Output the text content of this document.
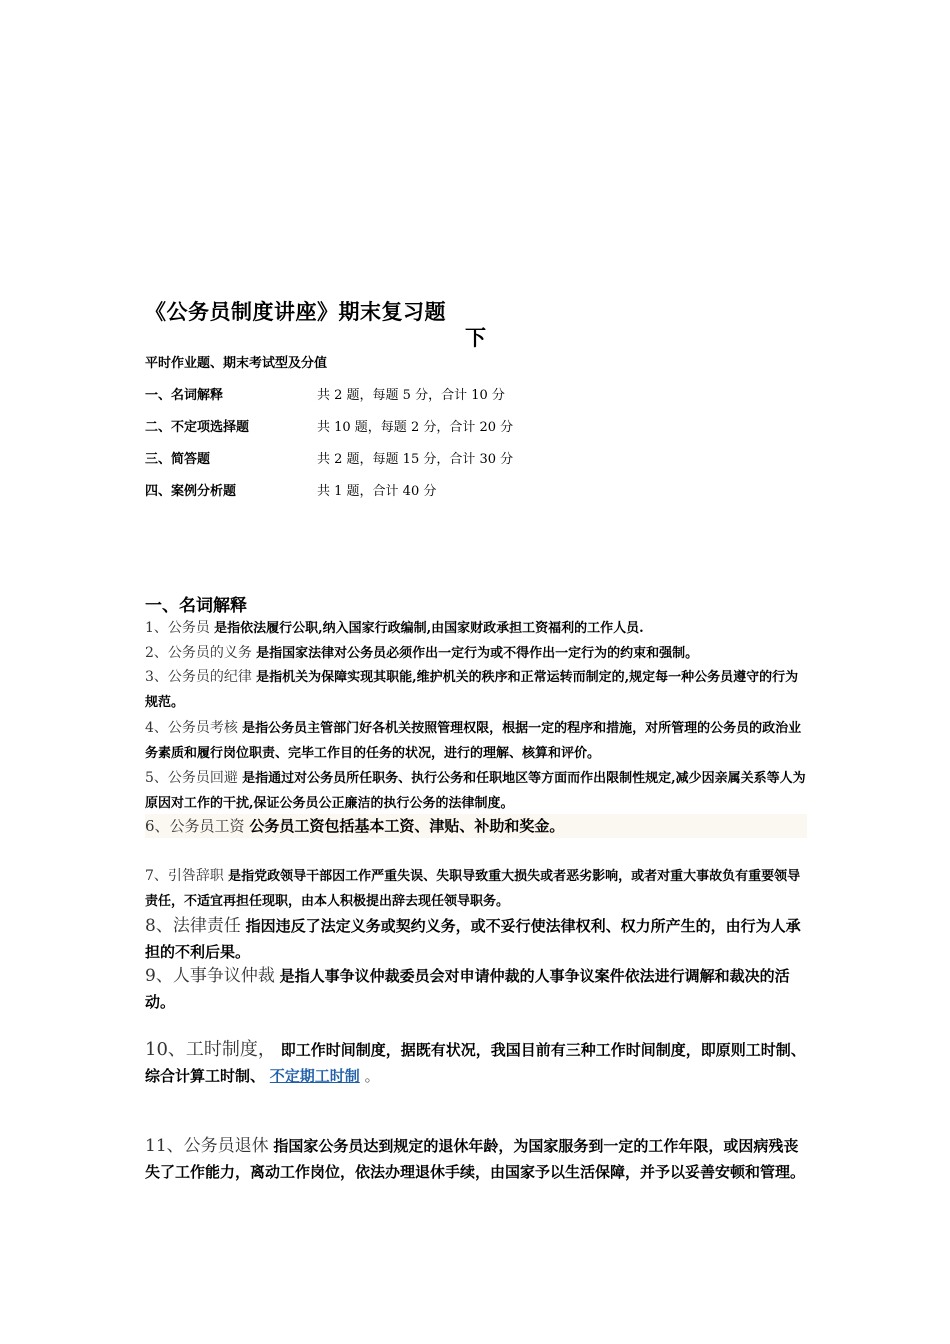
《公务员制度讲座》期末复习题
下
平时作业题、期末考试型及分值
一、名词解释	共 2 题，每题 5 分，合计 10 分
二、不定项选择题	共 10 题，每题 2 分，合计 20 分
三、简答题	共 2 题，每题 15 分，合计 30 分
四、案例分析题	共 1 题，合计 40 分
一、名词解释
1、公务员 是指依法履行公职,纳入国家行政编制,由国家财政承担工资福利的工作人员.
2、公务员的义务 是指国家法律对公务员必须作出一定行为或不得作出一定行为的约束和强制。
3、公务员的纪律 是指机关为保障实现其职能,维护机关的秩序和正常运转而制定的,规定每一种公务员遵守的行为规范。
4、公务员考核 是指公务员主管部门好各机关按照管理权限，根据一定的程序和措施，对所管理的公务员的政治业务素质和履行岗位职责、完毕工作目的任务的状况，进行的理解、核算和评价。
5、公务员回避 是指通过对公务员所任职务、执行公务和任职地区等方面而作出限制性规定,减少因亲属关系等人为原因对工作的干扰,保证公务员公正廉洁的执行公务的法律制度。
6、公务员工资 公务员工资包括基本工资、津贴、补助和奖金。
7、引咎辞职 是指党政领导干部因工作严重失误、失职导致重大损失或者恶劣影响，或者对重大事故负有重要领导责任，不适宜再担任现职，由本人积极提出辞去现任领导职务。
8、法律责任 指因违反了法定义务或契约义务，或不妥行使法律权利、权力所产生的，由行为人承担的不利后果。
9、人事争议仲裁 是指人事争议仲裁委员会对申请仲裁的人事争议案件依法进行调解和裁决的活动。
10、工时制度， 即工作时间制度，据既有状况，我国目前有三种工作时间制度，即原则工时制、综合计算工时制、 不定期工时制 。
11、公务员退休 指国家公务员达到规定的退休年龄，为国家服务到一定的工作年限，或因病残丧失了工作能力，离动工作岗位，依法办理退休手续，由国家予以生活保障，并予以妥善安顿和管理。
